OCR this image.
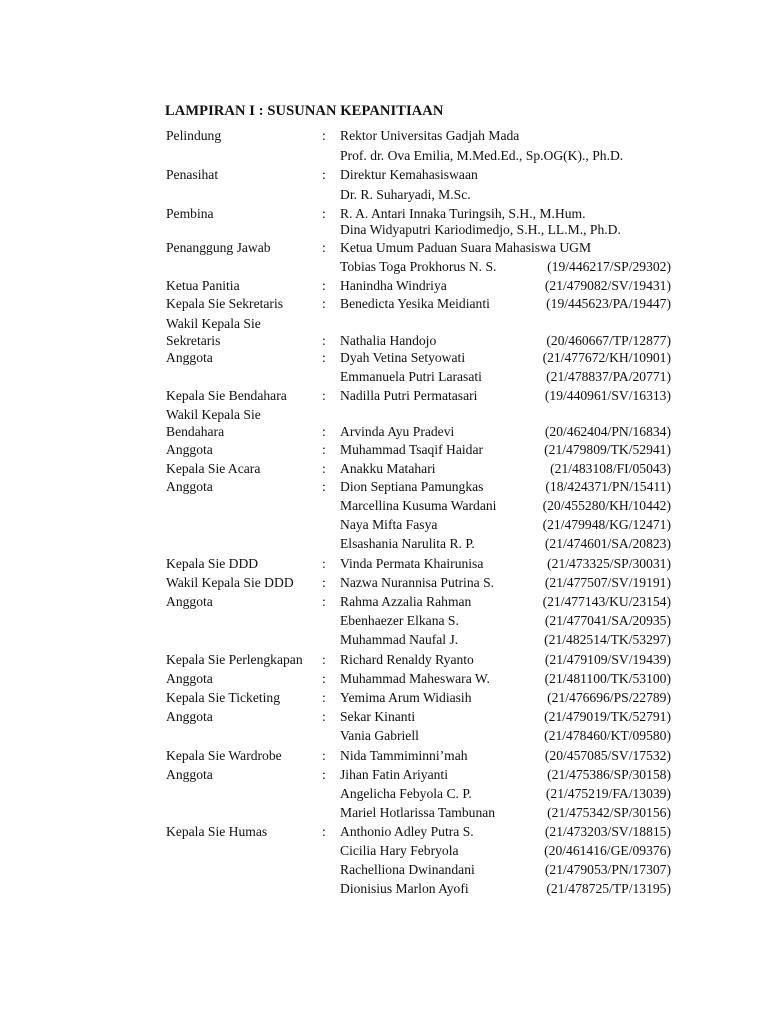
LAMPIRAN I : SUSUNAN KEPANITIAAN
Pelindung	: Rektor Universitas Gadjah Mada
Prof. dr. Ova Emilia, M.Med.Ed., Sp.OG(K)., Ph.D.
Penasihat	: Direktur Kemahasiswaan
Dr. R. Suharyadi, M.Sc.
Pembina	: R. A. Antari Innaka Turingsih, S.H., M.Hum.
Dina Widyaputri Kariodimedjo, S.H., LL.M., Ph.D.
Penanggung Jawab	: Ketua Umum Paduan Suara Mahasiswa UGM
Tobias Toga Prokhorus N. S.	(19/446217/SP/29302)
Ketua Panitia	: Hanindha Windriya	(21/479082/SV/19431)
Kepala Sie Sekretaris	: Benedicta Yesika Meidianti	(19/445623/PA/19447)
Wakil Kepala Sie
Sekretaris	: Nathalia Handojo	(20/460667/TP/12877)
Anggota	: Dyah Vetina Setyowati	(21/477672/KH/10901)
Emmanuela Putri Larasati	(21/478837/PA/20771)
Kepala Sie Bendahara	: Nadilla Putri Permatasari	(19/440961/SV/16313)
Wakil Kepala Sie
Bendahara	: Arvinda Ayu Pradevi	(20/462404/PN/16834)
Anggota	: Muhammad Tsaqif Haidar	(21/479809/TK/52941)
Kepala Sie Acara	: Anakku Matahari	(21/483108/FI/05043)
Anggota	: Dion Septiana Pamungkas	(18/424371/PN/15411)
Marcellina Kusuma Wardani	(20/455280/KH/10442)
Naya Mifta Fasya	(21/479948/KG/12471)
Elsashania Narulita R. P.	(21/474601/SA/20823)
Kepala Sie DDD	: Vinda Permata Khairunisa	(21/473325/SP/30031)
Wakil Kepala Sie DDD : Nazwa Nurannisa Putrina S.	(21/477507/SV/19191)
Anggota	: Rahma Azzalia Rahman	(21/477143/KU/23154)
Ebenhaezer Elkana S.	(21/477041/SA/20935)
Muhammad Naufal J.	(21/482514/TK/53297)
Kepala Sie Perlengkapan : Richard Renaldy Ryanto	(21/479109/SV/19439)
Anggota	: Muhammad Maheswara W.	(21/481100/TK/53100)
Kepala Sie Ticketing	: Yemima Arum Widiasih	(21/476696/PS/22789)
Anggota	: Sekar Kinanti	(21/479019/TK/52791)
Vania Gabriell	(21/478460/KT/09580)
Kepala Sie Wardrobe	: Nida Tammiminni’mah	(20/457085/SV/17532)
Anggota	: Jihan Fatin Ariyanti	(21/475386/SP/30158)
Angelicha Febyola C. P.	(21/475219/FA/13039)
Mariel Hotlarissa Tambunan	(21/475342/SP/30156)
Kepala Sie Humas	: Anthonio Adley Putra S.	(21/473203/SV/18815)
Cicilia Hary Febryola	(20/461416/GE/09376)
Rachelliona Dwinandani	(21/479053/PN/17307)
Dionisius Marlon Ayofi	(21/478725/TP/13195)
